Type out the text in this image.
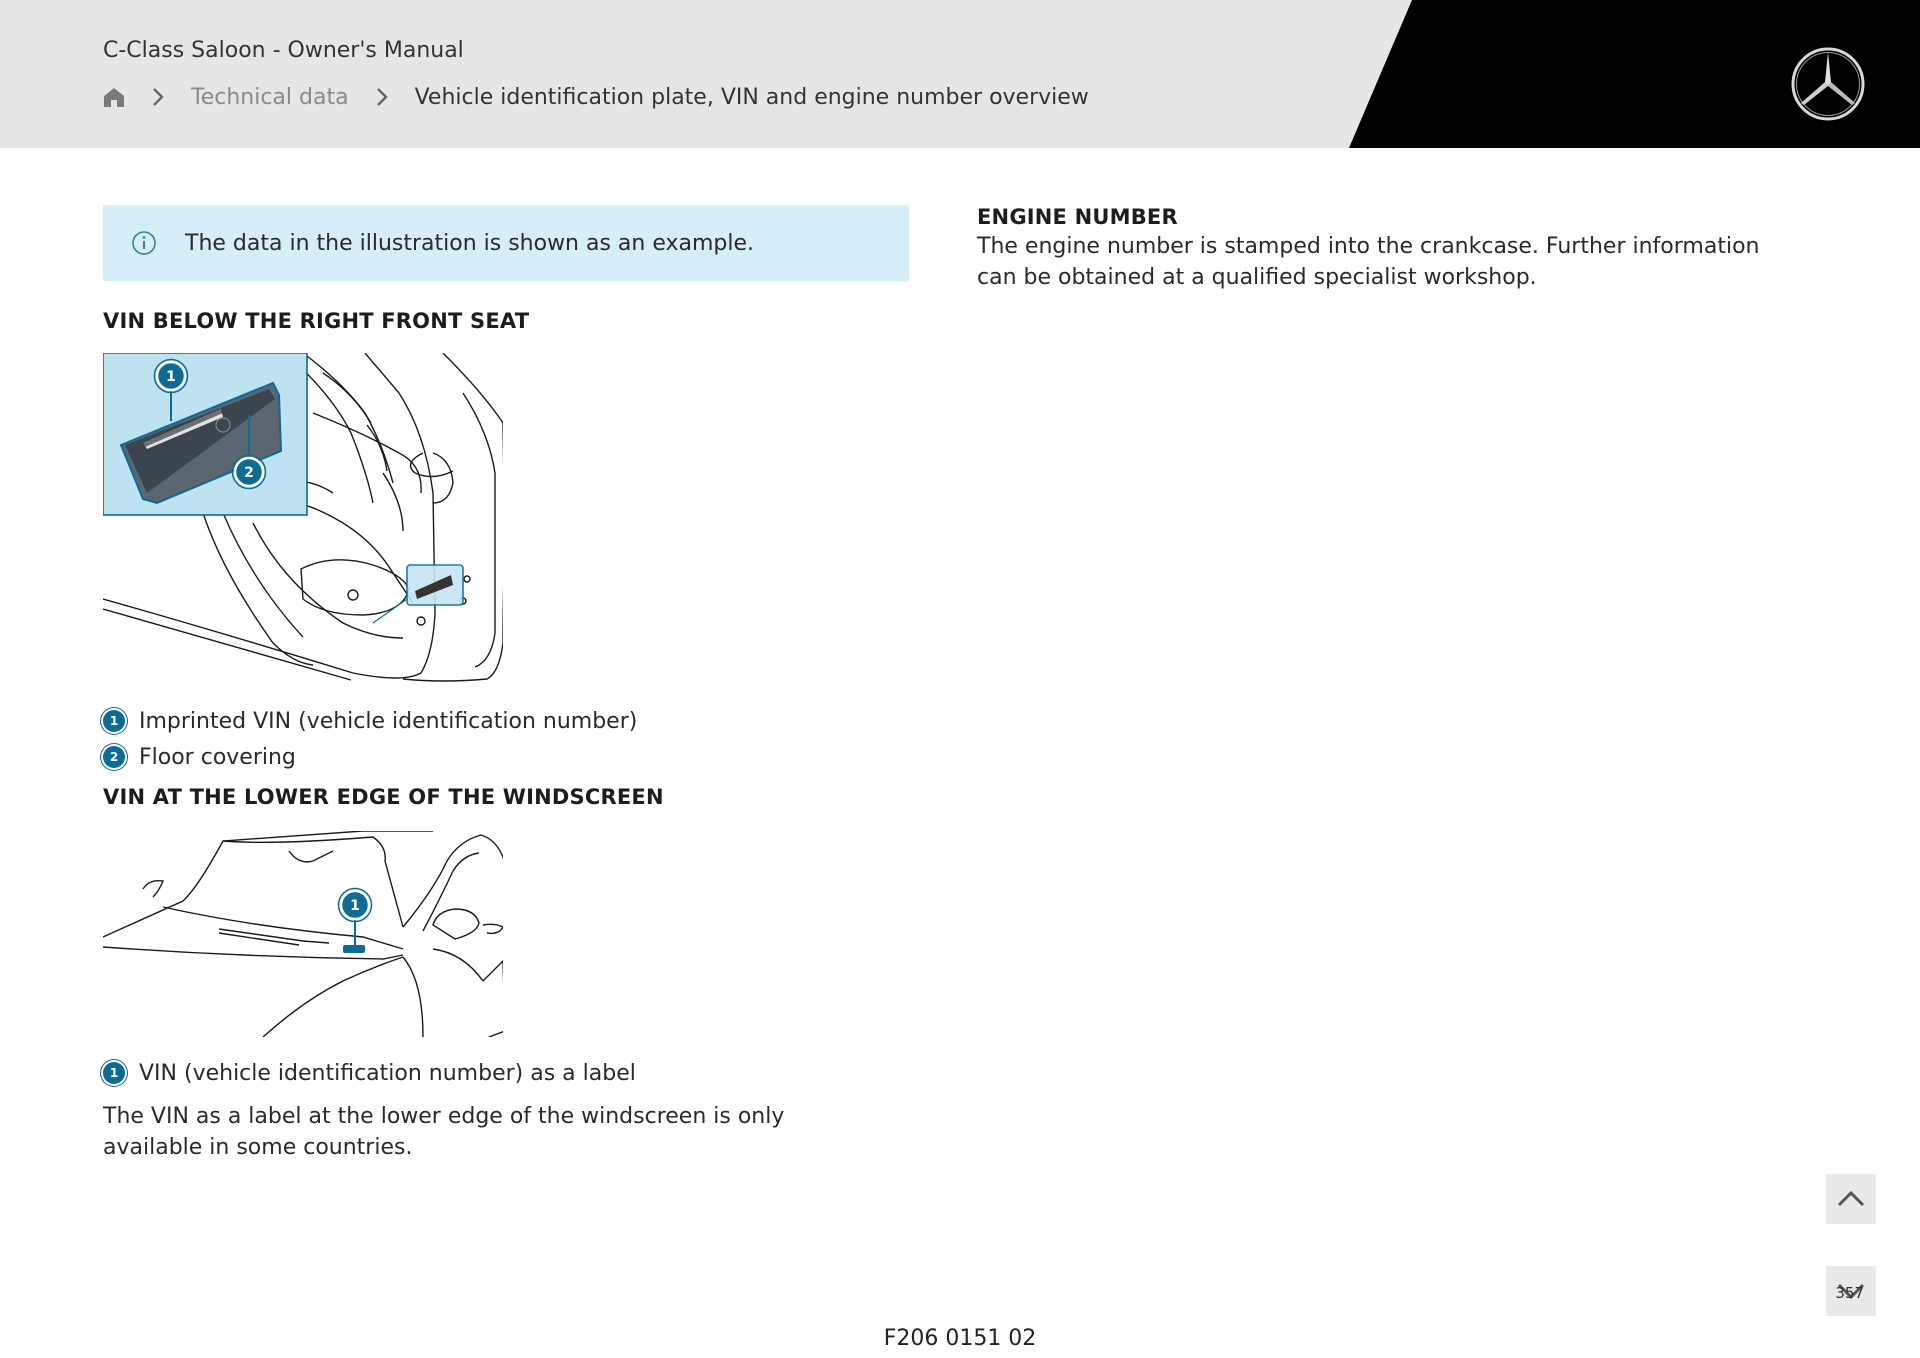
C-Class Saloon - Owner's Manual
Technical data	Vehicle identification plate, VIN and engine number overview
The data in the illustration is shown as an example.
VIN BELOW THE RIGHT FRONT SEAT
1
2
1 Imprinted VIN (vehicle identification number)
2 Floor covering
VIN AT THE LOWER EDGE OF THE WINDSCREEN
1
1 VIN (vehicle identification number) as a label

The VIN as a label at the lower edge of the windscreen is only available in some countries.

ENGINE NUMBER

The engine number is stamped into the crankcase. Further information can be obtained at a qualified specialist workshop.

357
F206 0151 02
